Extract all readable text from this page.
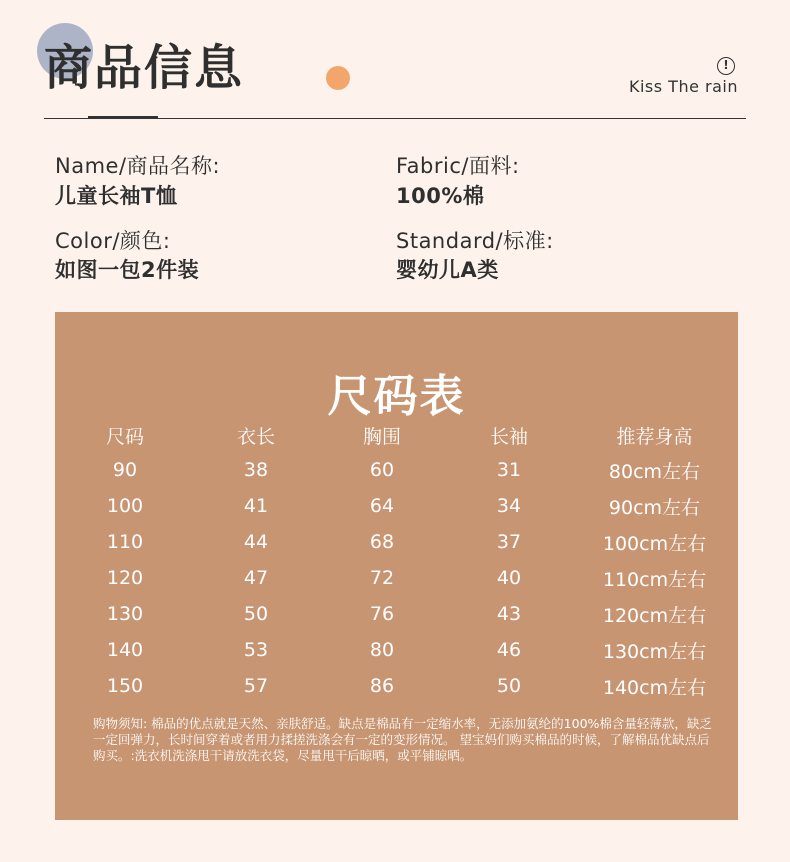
商品信息	!
Kiss The rain
Name/商品名称:
儿童长袖T恤
Fabric/面料:
100%棉
Color/颜色:
如图一包2件装
Standard/标准:
婴幼儿A类
尺码表
尺码	衣长	胸围	长袖	推荐身高
90	38	60	31	80cm左右
100	41	64	34	90cm左右
110	44	68	37	100cm左右
120	47	72	40	110cm左右
130	50	76	43	120cm左右
140	53	80	46	130cm左右
150	57	86	50	140cm左右
购物须知: 棉品的优点就是天然、亲肤舒适。缺点是棉品有一定缩水率，无添加氨纶的100%棉含量轻薄款，缺乏一定回弹力，长时间穿着或者用力揉搓洗涤会有一定的变形情况。 望宝妈们购买棉品的时候，了解棉品优缺点后购买。:洗衣机洗涤甩干请放洗衣袋，尽量甩干后晾晒，或平铺晾晒。
